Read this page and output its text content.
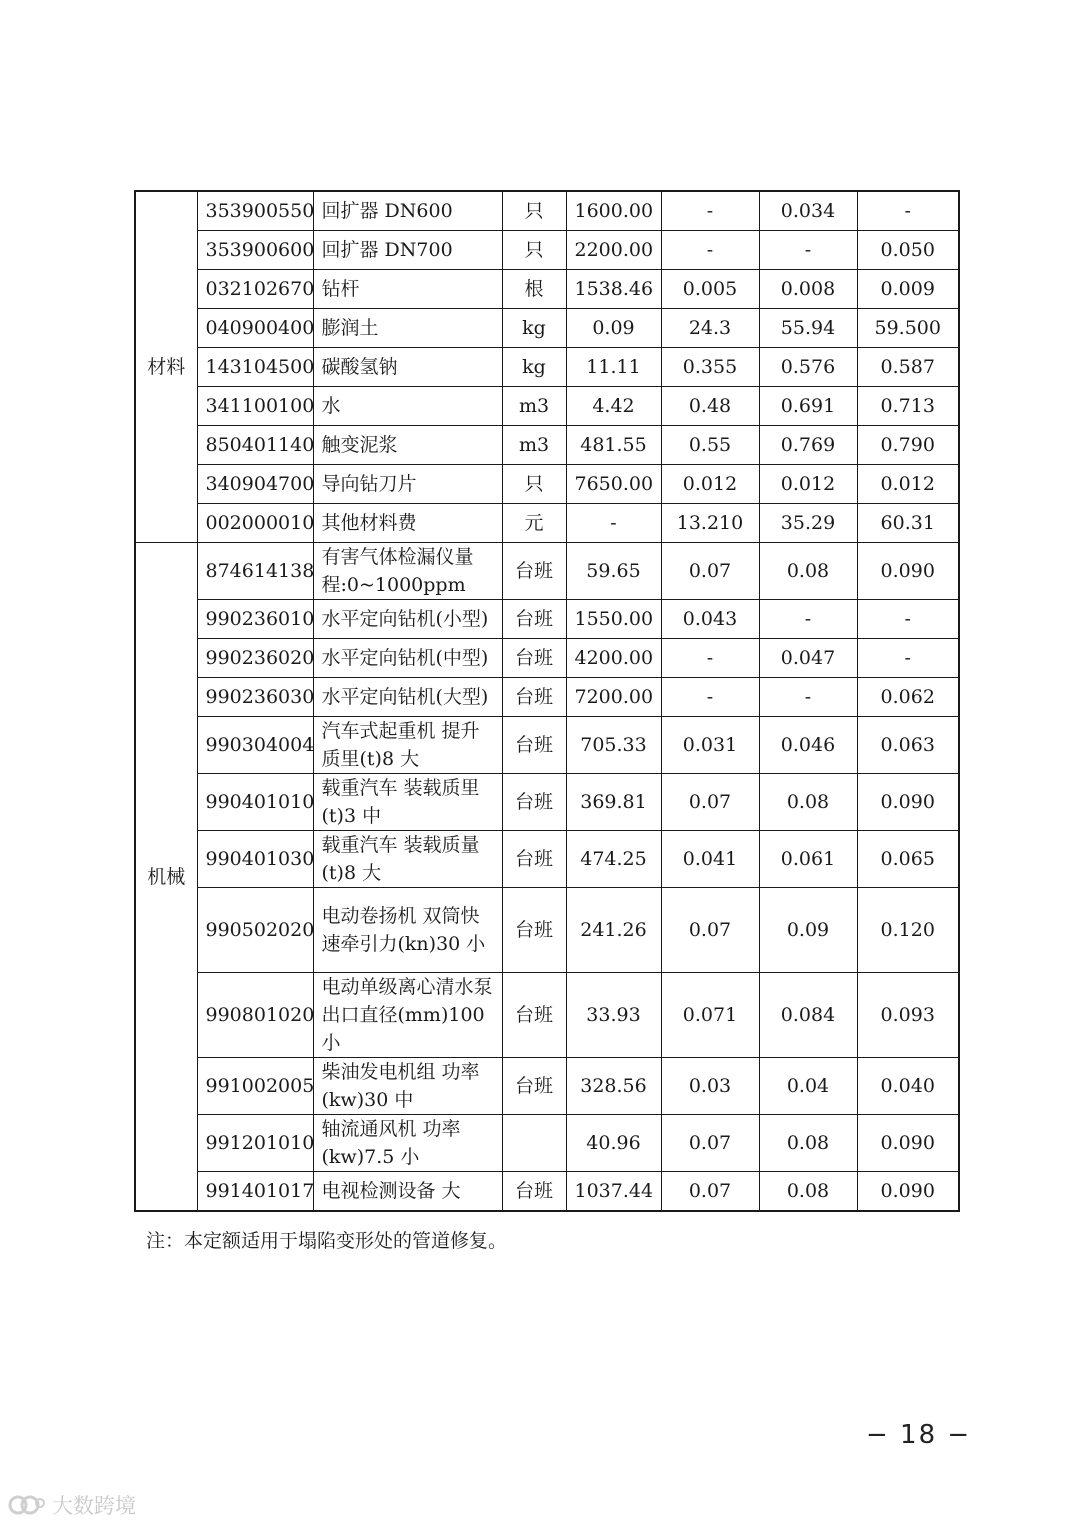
材料	353900550	回扩器 DN600	只	1600.00	-	0.034	-
	353900600	回扩器 DN700	只	2200.00	-	-	0.050
	032102670	钻杆	根	1538.46	0.005	0.008	0.009
	040900400	膨润土	kg	0.09	24.3	55.94	59.500
	143104500	碳酸氢钠	kg	11.11	0.355	0.576	0.587
	341100100	水	m3	4.42	0.48	0.691	0.713
	850401140	触变泥浆	m3	481.55	0.55	0.769	0.790
	340904700	导向钻刀片	只	7650.00	0.012	0.012	0.012
	002000010	其他材料费	元	-	13.210	35.29	60.31
机械	874614138	有害气体检漏仪量程:0~1000ppm	台班	59.65	0.07	0.08	0.090
	990236010	水平定向钻机(小型)	台班	1550.00	0.043	-	-
	990236020	水平定向钻机(中型)	台班	4200.00	-	0.047	-
	990236030	水平定向钻机(大型)	台班	7200.00	-	-	0.062
	990304004	汽车式起重机 提升质里(t)8 大	台班	705.33	0.031	0.046	0.063
	990401010	载重汽车 装载质里(t)3 中	台班	369.81	0.07	0.08	0.090
	990401030	载重汽车 装载质量(t)8 大	台班	474.25	0.041	0.061	0.065
	990502020	电动卷扬机 双筒快速牵引力(kn)30 小	台班	241.26	0.07	0.09	0.120
	990801020	电动单级离心清水泵 出口直径(mm)100 小	台班	33.93	0.071	0.084	0.093
	991002005	柴油发电机组 功率(kw)30 中	台班	328.56	0.03	0.04	0.040
	991201010	轴流通风机 功率(kw)7.5 小		40.96	0.07	0.08	0.090
	991401017	电视检测设备 大	台班	1037.44	0.07	0.08	0.090
注：本定额适用于塌陷变形处的管道修复。
− 18 −
大数跨境
